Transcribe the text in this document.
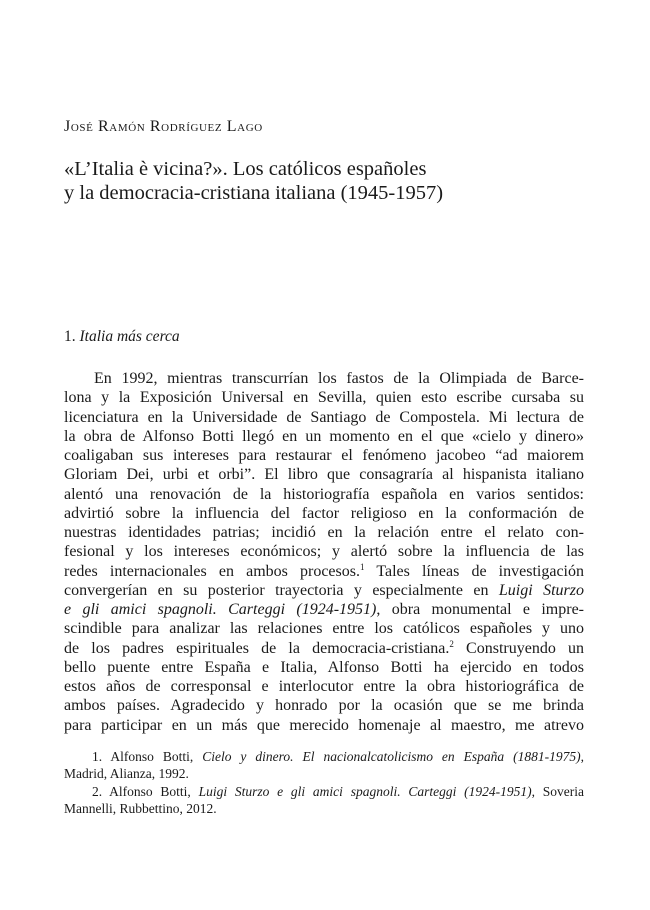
José Ramón Rodríguez Lago
«L’Italia è vicina?». Los católicos españoles
y la democracia-cristiana italiana (1945-1957)
1. Italia más cerca
En 1992, mientras transcurrían los fastos de la Olimpiada de Barce-
lona y la Exposición Universal en Sevilla, quien esto escribe cursaba su
licenciatura en la Universidade de Santiago de Compostela. Mi lectura de
la obra de Alfonso Botti llegó en un momento en el que «cielo y dinero»
coaligaban sus intereses para restaurar el fenómeno jacobeo “ad maiorem
Gloriam Dei, urbi et orbi”. El libro que consagraría al hispanista italiano
alentó una renovación de la historiografía española en varios sentidos:
advirtió sobre la influencia del factor religioso en la conformación de
nuestras identidades patrias; incidió en la relación entre el relato con-
fesional y los intereses económicos; y alertó sobre la influencia de las
redes internacionales en ambos procesos.$^1$ Tales líneas de investigación
convergerían en su posterior trayectoria y especialmente en Luigi Sturzo
e gli amici spagnoli. Carteggi (1924-1951), obra monumental e impre-
scindible para analizar las relaciones entre los católicos españoles y uno
de los padres espirituales de la democracia-cristiana.$^2$ Construyendo un
bello puente entre España e Italia, Alfonso Botti ha ejercido en todos
estos años de corresponsal e interlocutor entre la obra historiográfica de
ambos países. Agradecido y honrado por la ocasión que se me brinda
para participar en un más que merecido homenaje al maestro, me atrevo
1. Alfonso Botti, Cielo y dinero. El nacionalcatolicismo en España (1881-1975),
Madrid, Alianza, 1992.
2. Alfonso Botti, Luigi Sturzo e gli amici spagnoli. Carteggi (1924-1951), Soveria
Mannelli, Rubbettino, 2012.
